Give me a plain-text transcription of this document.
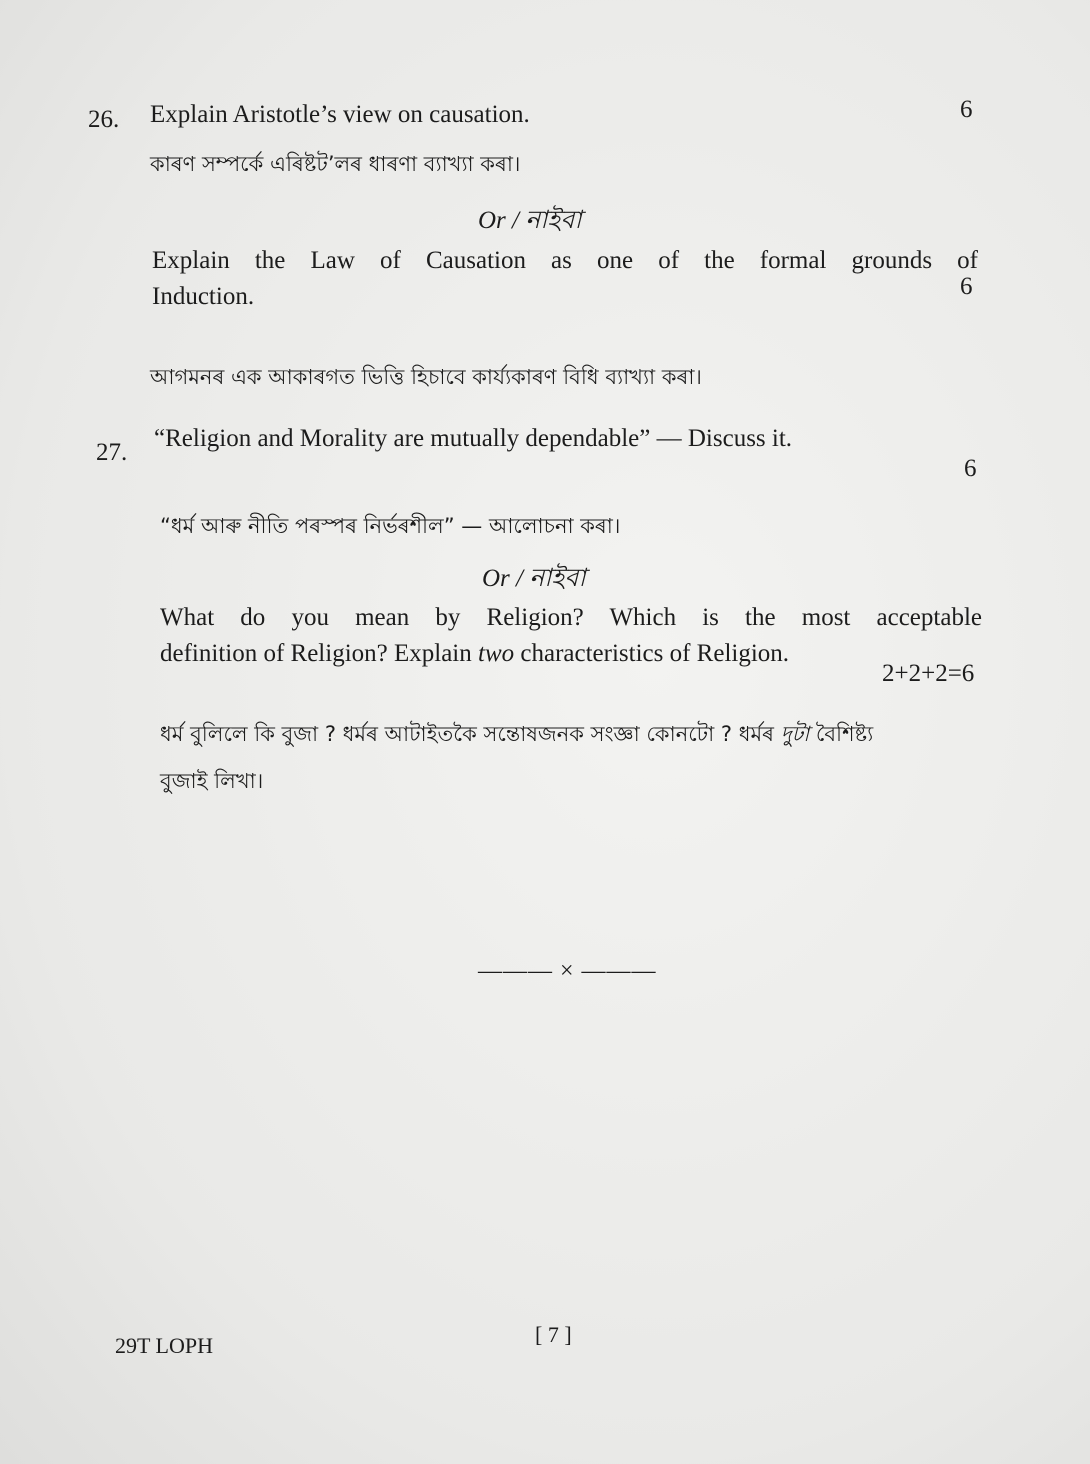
26. Explain Aristotle’s view on causation.	6
কাৰণ সম্পৰ্কে এৰিষ্টট’লৰ ধাৰণা ব্যাখ্যা কৰা।
Or / নাইবা
Explain the Law of Causation as one of the formal grounds of
Induction.	6
আগমনৰ এক আকাৰগত ভিত্তি হিচাবে কাৰ্য্যকাৰণ বিধি ব্যাখ্যা কৰা।
27.
“Religion and Morality are mutually dependable” — Discuss it.
6
“ধৰ্ম আৰু নীতি পৰস্পৰ নিৰ্ভৰশীল” — আলোচনা কৰা।
Or / নাইবা
What do you mean by Religion? Which is the most acceptable
definition of Religion? Explain two characteristics of Religion.
2+2+2=6
ধৰ্ম বুলিলে কি বুজা ? ধৰ্মৰ আটাইতকৈ সন্তোষজনক সংজ্ঞা কোনটো ? ধৰ্মৰ দুটা বৈশিষ্ট্য
বুজাই লিখা।
——— × ———
29T LOPH	[ 7 ]
